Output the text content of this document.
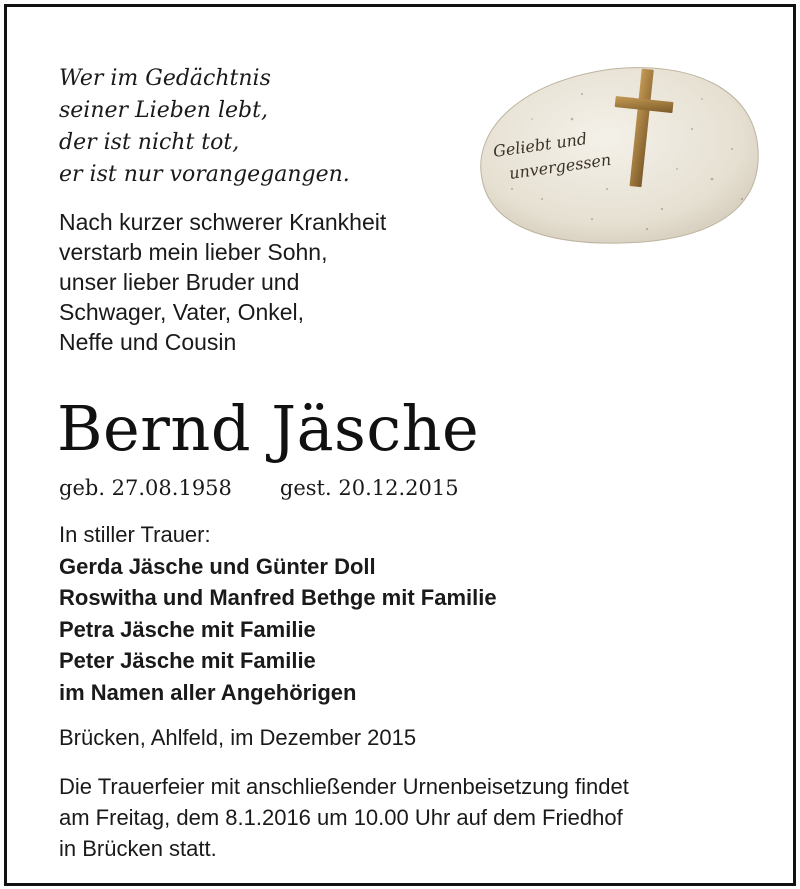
Wer im Gedächtnis
seiner Lieben lebt,
der ist nicht tot,
er ist nur vorangegangen.
Geliebt und
unvergessen
Nach kurzer schwerer Krankheit
verstarb mein lieber Sohn,
unser lieber Bruder und
Schwager, Vater, Onkel,
Neffe und Cousin
Bernd Jäsche
geb. 27.08.1958 gest. 20.12.2015
In stiller Trauer:
Gerda Jäsche und Günter Doll
Roswitha und Manfred Bethge mit Familie
Petra Jäsche mit Familie
Peter Jäsche mit Familie
im Namen aller Angehörigen
Brücken, Ahlfeld, im Dezember 2015
Die Trauerfeier mit anschließender Urnenbeisetzung findet
am Freitag, dem 8.1.2016 um 10.00 Uhr auf dem Friedhof
in Brücken statt.
